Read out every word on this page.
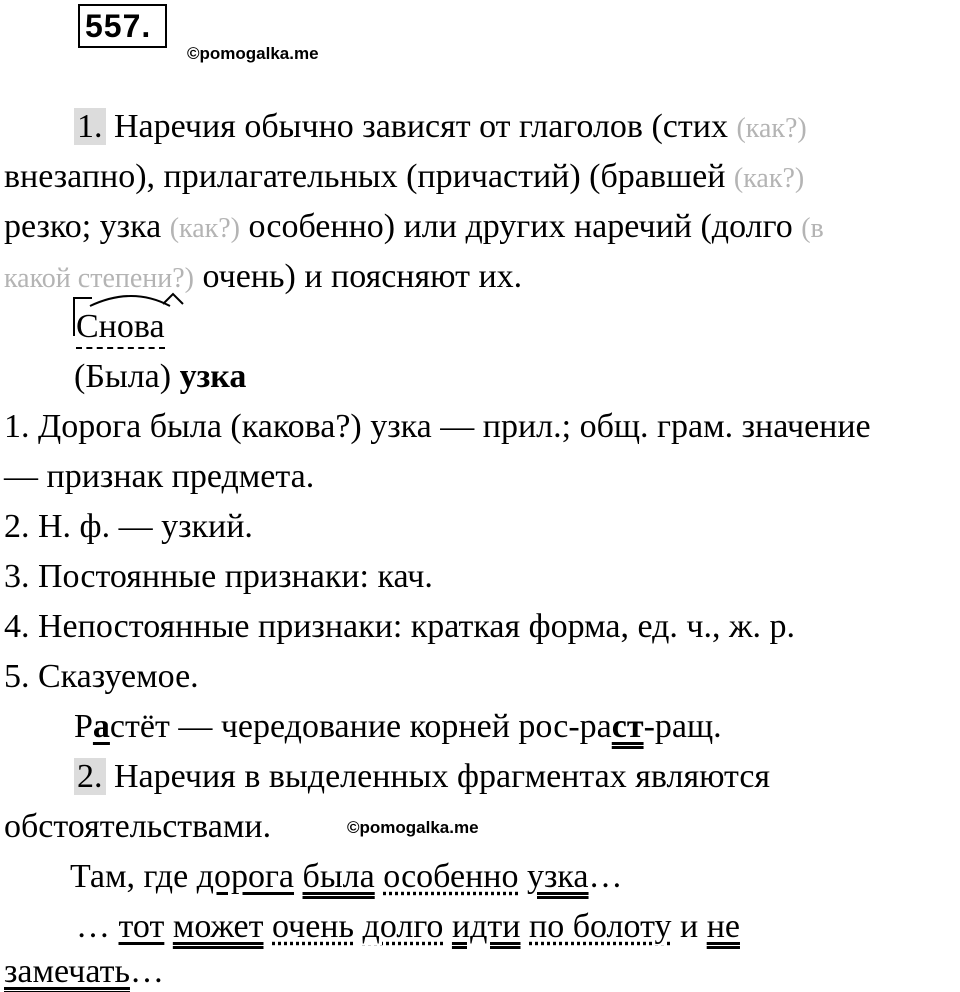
557.
©pomogalka.me
1. Наречия обычно зависят от глаголов (стих (как?)
внезапно), прилагательных (причастий) (бравшей (как?)
резко; узка (как?) особенно) или других наречий (долго (в
какой степени?) очень) и поясняют их.
Снова
(Была) узка
1. Дорога была (какова?) узка — прил.; общ. грам. значение
— признак предмета.
2. Н. ф. — узкий.
3. Постоянные признаки: кач.
4. Непостоянные признаки: краткая форма, ед. ч., ж. р.
5. Сказуемое.
Растёт — чередование корней рос-раст-ращ.
2. Наречия в выделенных фрагментах являются
обстоятельствами.	©pomogalka.me
Там, где дорога была особенно узка…
… тот может очень долго идти по болоту и не
замечать…
